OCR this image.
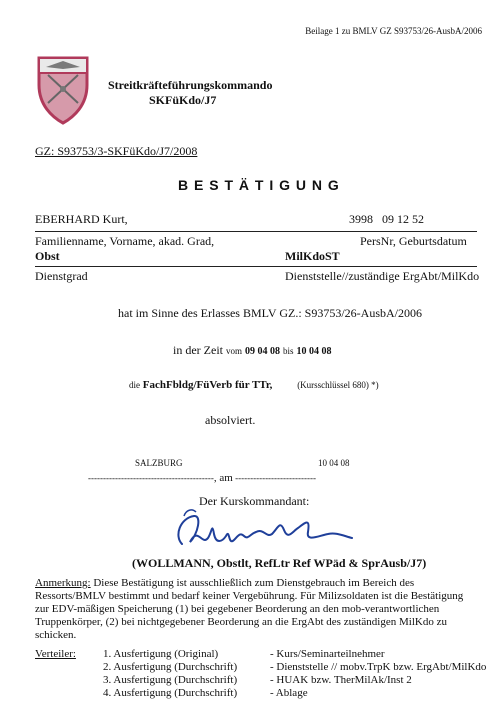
Beilage 1 zu BMLV GZ S93753/26-AusbA/2006
Streitkräfteführungskommando
SKFüKdo/J7
GZ: S93753/3-SKFüKdo/J7/2008
B E S T Ä T I G U N G
EBERHARD Kurt,	3998   09 12 52
Familienname, Vorname, akad. Grad,	PersNr, Geburtsdatum
Obst	MilKdoST
Dienstgrad	Dienststelle//zuständige ErgAbt/MilKdo
hat im Sinne des Erlasses BMLV GZ.: S93753/26-AusbA/2006
in der Zeit vom 09 04 08 bis 10 04 08
die FachFbldg/FüVerb für TTr,	(Kursschlüssel 680) *)
absolviert.
SALZBURG	10 04 08
------------------------------------------, am ---------------------------
Der Kurskommandant:
(WOLLMANN, Obstlt, RefLtr Ref WPäd & SprAusb/J7)
Anmerkung: Diese Bestätigung ist ausschließlich zum Dienstgebrauch im Bereich des Ressorts/BMLV bestimmt und bedarf keiner Vergebührung. Für Milizsoldaten ist die Bestätigung zur EDV-mäßigen Speicherung (1) bei gegebener Beorderung an den mob-verantwortlichen Truppenkörper, (2) bei nichtgegebener Beorderung an die ErgAbt des zuständigen MilKdo zu schicken.
Verteiler: 1. Ausfertigung (Original)	- Kurs/Seminarteilnehmer
2. Ausfertigung (Durchschrift)	- Dienststelle // mobv.TrpK bzw. ErgAbt/MilKdo
3. Ausfertigung (Durchschrift)	- HUAK bzw. TherMilAk/Inst 2
4. Ausfertigung (Durchschrift)	- Ablage
